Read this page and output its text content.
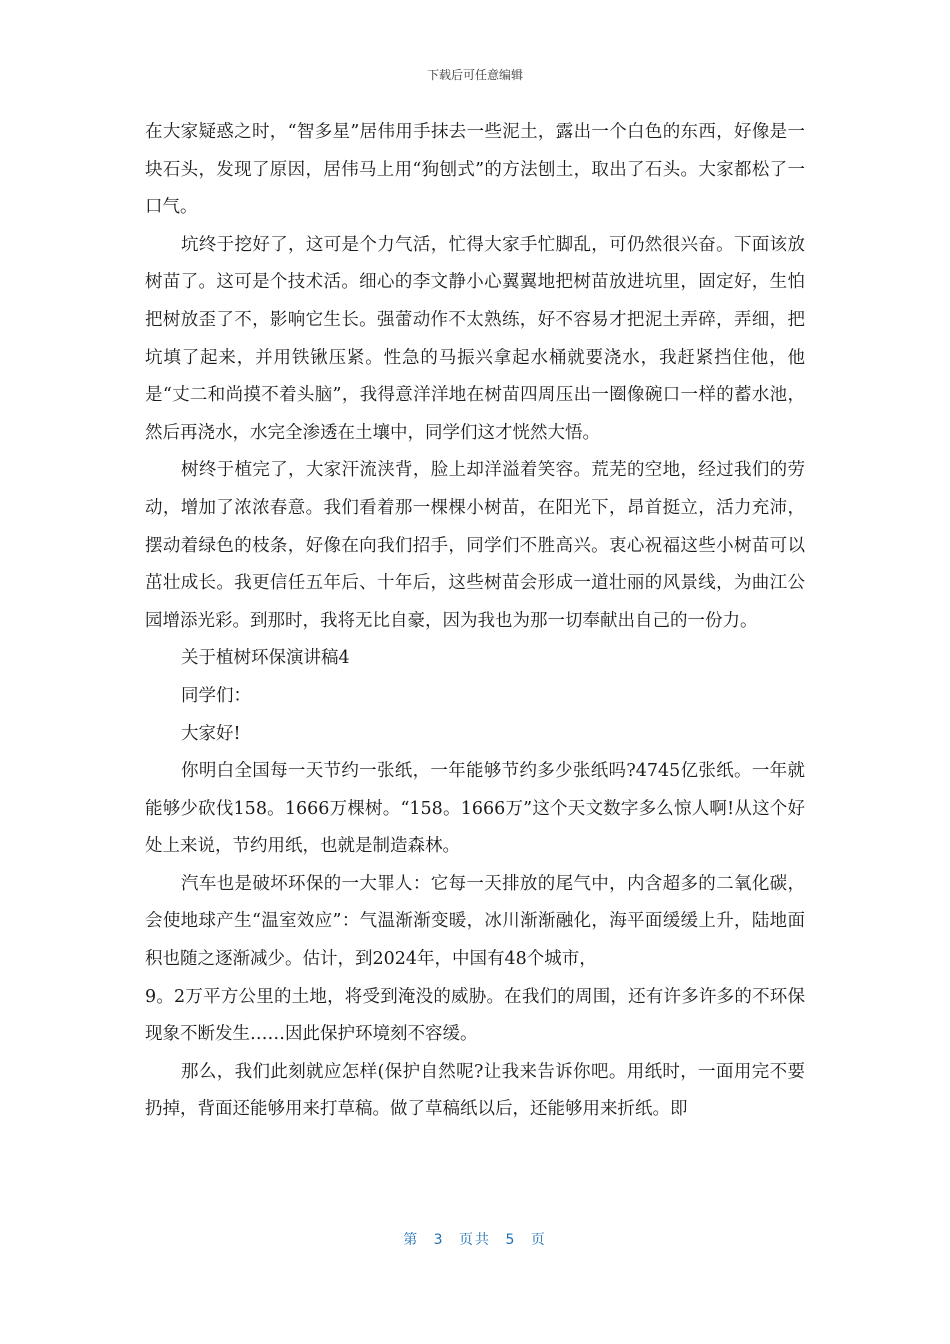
下载后可任意编辑

在大家疑惑之时，“智多星”居伟用手抹去一些泥土，露出一个白色的东西，好像是一块石头，发现了原因，居伟马上用“狗刨式”的方法刨土，取出了石头。大家都松了一口气。

坑终于挖好了，这可是个力气活，忙得大家手忙脚乱，可仍然很兴奋。下面该放树苗了。这可是个技术活。细心的李文静小心翼翼地把树苗放进坑里，固定好，生怕把树放歪了不，影响它生长。强蕾动作不太熟练，好不容易才把泥土弄碎，弄细，把坑填了起来，并用铁锹压紧。性急的马振兴拿起水桶就要浇水，我赶紧挡住他，他是“丈二和尚摸不着头脑”，我得意洋洋地在树苗四周压出一圈像碗口一样的蓄水池，然后再浇水，水完全渗透在土壤中，同学们这才恍然大悟。

树终于植完了，大家汗流浃背，脸上却洋溢着笑容。荒芜的空地，经过我们的劳动，增加了浓浓春意。我们看着那一棵棵小树苗，在阳光下，昂首挺立，活力充沛，摆动着绿色的枝条，好像在向我们招手，同学们不胜高兴。衷心祝福这些小树苗可以茁壮成长。我更信任五年后、十年后，这些树苗会形成一道壮丽的风景线，为曲江公园增添光彩。到那时，我将无比自豪，因为我也为那一切奉献出自己的一份力。

关于植树环保演讲稿4

同学们：

大家好!

你明白全国每一天节约一张纸，一年能够节约多少张纸吗?4745亿张纸。一年就能够少砍伐158。1666万棵树。“158。1666万”这个天文数字多么惊人啊!从这个好处上来说，节约用纸，也就是制造森林。

汽车也是破坏环保的一大罪人：它每一天排放的尾气中，内含超多的二氧化碳，会使地球产生“温室效应”：气温渐渐变暖，冰川渐渐融化，海平面缓缓上升，陆地面积也随之逐渐减少。估计，到2024年，中国有48个城市，

9。2万平方公里的土地，将受到淹没的威胁。在我们的周围，还有许多许多的不环保现象不断发生……因此保护环境刻不容缓。

那么，我们此刻就应怎样(保护自然呢?让我来告诉你吧。用纸时，一面用完不要扔掉，背面还能够用来打草稿。做了草稿纸以后，还能够用来折纸。即

第 3 页共 5 页
